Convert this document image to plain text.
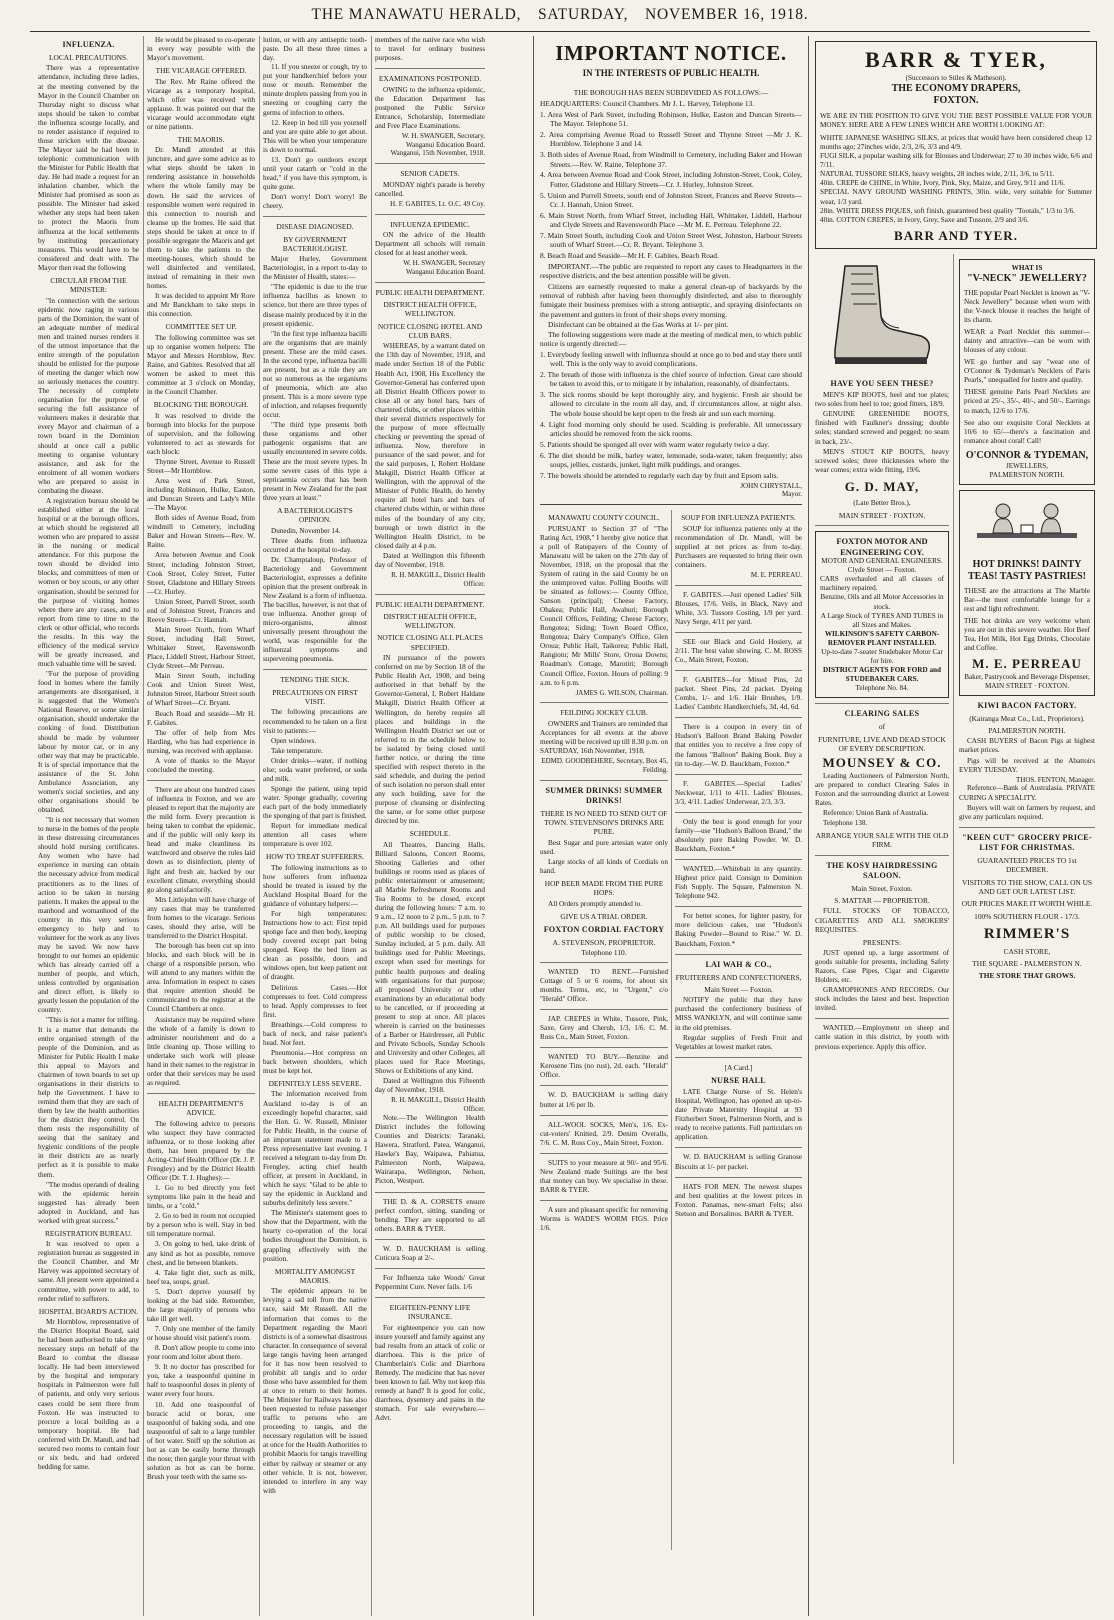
THE MANAWATU HERALD, SATURDAY, NOVEMBER 16, 1918.
INFLUENZA.
LOCAL PRECAUTIONS.

There was a representative attendance, including three ladies, at the meeting convened by the Mayor in the Council Chamber on Thursday night to discuss what steps should be taken to combat the influenza scourge locally, and to render assistance if required to those stricken with the disease. The Mayor said he had been in telephonic communication with the Minister for Public Health that day. He had made a request for an inhalation chamber, which the Minister had promised as soon as possible. The Minister had asked whether any steps had been taken to protect the Maoris from influenza at the local settlements by instituting precautionary measures. This would have to be considered and dealt with. The Mayor then read the following

CIRCULAR FROM THE MINISTER:

"In connection with the serious epidemic now raging in various parts of the Dominion, the want of an adequate number of medical men and trained nurses renders it of the utmost importance that the entire strength of the population should be enlisted for the purpose of meeting the danger which now so seriously menaces the country. The necessity of complete organisation for the purpose of securing the full assistance of volunteers makes it desirable that every Mayor and chairman of a town board in the Dominion should at once call a public meeting to organise voluntary assistance, and ask for the enrolment of all women workers who are prepared to assist in combating the disease.

A registration bureau should be established either at the local hospital or at the borough offices, at which should be registered all women who are prepared to assist in the nursing or medical attendance. For this purpose the town should be divided into blocks, and committees of men or women or boy scouts, or any other organisation, should be secured for the purpose of visiting homes where there are any cases, and to report from time to time to the clerk or other official, who records the results. In this way the efficiency of the medical service will be greatly increased, and much valuable time will be saved.

"For the purpose of providing food in homes where the family arrangements are disorganised, it is suggested that the Women's National Reserve, or some similar organisation, should undertake the cooking of food. Distribution should be made by volunteer labour by motor car, or in any other way that may be practicable. It is of special importance that the assistance of the St. John Ambulance Association, any women's social societies, and any other organisations should be obtained.

"It is not necessary that women to nurse in the homes of the people in these distressing circumstances should hold nursing certificates. Any women who have had experience in nursing can obtain the necessary advice from medical practitioners as to the lines of action to be taken in nursing patients. It makes the appeal to the manhood and womanhood of the country in this very serious emergency to help and to volunteer for the work as any lives may be saved. We now have brought to our homes an epidemic which has already carried off a number of people, and which, unless controlled by organisation and direct effort, is likely to greatly lessen the population of the country.

"This is not a matter for trifling. It is a matter that demands the entire organised strength of the people of the Dominion, and as Minister for Public Health I make this appeal to Mayors and chairmen of town boards to set up organisations in their districts to help the Government. I have to remind them that they are each of them by law the health authorities for the district they control. On them rests the responsibility of seeing that the sanitary and hygienic conditions of the people in their districts are as nearly perfect as it is possible to make them.

"The modus operandi of dealing with the epidemic herein suggested has already been adopted in Auckland, and has worked with great success."

REGISTRATION BUREAU.

It was resolved to open a registration bureau as suggested in the Council Chamber, and Mr Harvey was appointed secretary of same. All present were appointed a committee, with power to add, to render relief to sufferers.

HOSPITAL BOARD'S ACTION.

Mr Hornblow, representative of the District Hospital Board, said he had been authorised to take any necessary steps on behalf of the Board to combat the disease locally. He had been interviewed by the hospital and temporary hospitals in Palmerston were full of patients, and only very serious cases could be sent there from Foxton. He was instructed to procure a local building as a temporary hospital. He had conferred with Dr. Mandl, and had secured two rooms to contain four or six beds, and had ordered bedding for same.

He would be pleased to co-operate in every way possible with the Mayor's movement.

THE VICARAGE OFFERED.

The Rev. Mr Raine offered the vicarage as a temporary hospital, which offer was received with applause. It was pointed out that the vicarage would accommodate eight or nine patients.

THE MAORIS.

Dr. Mandl attended at this juncture, and gave some advice as to what steps should be taken in rendering assistance in households where the whole family may be down. He said the services of responsible women were required in this connection to nourish and cleanse up the homes. He said that steps should be taken at once to if possible segregate the Maoris and get them to take the patients to the meeting-houses, which should be well disinfected and ventilated, instead of remaining in their own homes.

It was decided to appoint Mr Rore and Mr Banckham to take steps in this connection.

COMMITTEE SET UP.

The following committee was set up to organise women helpers: The Mayor and Messrs Hornblow, Rev. Raine, and Gabites. Resolved that all women be asked to meet this committee at 3 o'clock on Monday, in the Council Chamber.

BLOCKING THE BOROUGH.

It was resolved to divide the borough into blocks for the purpose of supervision, and the following volunteered to act as stewards for each block:

Thynne Street, Avenue to Russell Street—Mr Hornblow.

Area west of Park Street, including Robinson, Hulke, Easton, and Duncan Streets and Lady's Mile—The Mayor.

Both sides of Avenue Road, from windmill to Cemetery, including Baker and Howan Streets—Rev. W. Raine.

Area between Avenue and Cook Street, including Johnston Street, Cook Street, Coley Street, Futter Street, Gladstone and Hillary Streets—Cr. Hurley.

Union Street, Purrell Street, south end of Johnston Street, Frances and Reeve Streets—Cr. Hannah.

Main Street North, from Wharf Street, including Hall Street, Whittaker Street, Ravenswordh Place, Liddell Street, Harbour Street, Clyde Street—Mr Perreau.

Main Street South, including Cook and Union Street West, Johnston Street, Harbour Street south of Wharf Street—Cr. Bryant.

Beach Road and seaside—Mr H. F. Gabites.

The offer of help from Mrs Harding, who has had experience in nursing, was received with applause.

A vote of thanks to the Mayor concluded the meeting.

There are about one hundred cases of influenza in Foxton, and we are pleased to report that the majority are the mild form. Every precaution is being taken to combat the epidemic, and if the public will only keep its head and make cleanliness its watchword and observe the rules laid down as to disinfection, plenty of light and fresh air, backed by our excellent climate, everything should go along satisfactorily.

Mrs Littlejohn will have charge of any cases that may be transferred from homes to the vicarage. Serious cases, should they arise, will be transferred to the District Hospital.

The borough has been cut up into blocks, and each block will be in charge of a responsible person, who will attend to any matters within the area. Information in respect to cases that require attention should be communicated to the registrar at the Council Chambers at once.

Assistance may be required where the whole of a family is down to administer nourishment and do a little cleaning up. Those willing to undertake such work will please hand in their names to the registrar in order that their services may be used as required.

HEALTH DEPARTMENT'S ADVICE.

The following advice to persons who suspect they have contracted influenza, or to those looking after them, has been prepared by the Acting-Chief Health Officer (Dr. J. P. Frengley) and by the District Health Officer (Dr. T. J. Hughes):—

1. Go to bed directly you feel symptoms like pain in the head and limbs, or a "cold."

2. Go to bed in room not occupied by a person who is well. Stay in bed till temperature normal.

3. On going to bed, take drink of any kind as hot as possible, remove chest, and lie between blankets.

4. Take light diet, such as milk, beef tea, soups, gruel.

5. Don't deprive yourself by looking at the bad side. Remember, the large majority of persons who take ill get well.

7. Only one member of the family or house should visit patient's room.

8. Don't allow people to come into your room and loiter about there.

9. It no doctor has prescribed for you, take a teaspoonful quinine in half to teaspoonful doses in plenty of water every four hours.

10. Add one teaspoonful of boracic acid or borax, one teaspoonful of baking soda, and one teaspoonful of salt to a large tumbler of hot water. Sniff up the solution as hot as can be easily borne through the nose; then gargle your throat with solution as hot as can be borne. Brush your teeth with the same so-

lution, or with any antiseptic tooth-paste. Do all these three times a day.

11. If you sneeze or cough, try to put your handkerchief before your nose or mouth. Remember the minute droplets passing from you in sneezing or coughing carry the germs of infection to others.

12. Keep in bed till you yourself and you are quite able to get about. This will be when your temperature is down to normal.

13. Don't go outdoors except until your catarrh or "cold in the head," if you have this symptom, is quite gone.

Don't worry! Don't worry! Be cheery.

DISEASE DIAGNOSED.
BY GOVERNMENT BACTERIOLOGIST.

Major Hurley, Government Bacteriologist, in a report to-day to the Minister of Health, states:—

"The epidemic is due to the true influenza bacillus as known to science, but there are three types of disease mainly produced by it in the present epidemic.

"In the first type influenza bacilli are the organisms that are mainly present. These are the mild cases. In the second type, influenza bacilli are present, but as a rule they are not so numerous as the organisms of pneumonia, which are also present. This is a more severe type of infection, and relapses frequently occur.

"The third type presents both these organisms and other pathogenic organisms that are usually encountered in severe colds. These are the most severe types. In some severe cases of this type a septicaemia occurs that has been present in New Zealand for the past three years at least."

A BACTERIOLOGIST'S OPINION.

Dunedin, November 14.

Three deaths from influenza occurred at the hospital to-day.

Dr. Champtaloup, Professor of Bacteriology and Government Bacteriologist, expresses a definite opinion that the present outbreak in New Zealand is a form of influenza. The bacillus, however, is not that of true influenza. Another group of micro-organisms, almost universally present throughout the world, was responsible for the influenzal symptoms and supervening pneumonia.

TENDING THE SICK.
PRECAUTIONS ON FIRST VISIT.

The following precautions are recommended to be taken on a first visit to patients:—

Open windows.

Take temperature.

Order drinks—water, if nothing else; soda water preferred, or soda and milk.

Sponge the patient, using tepid water. Sponge gradually, covering each part of the body immediately the sponging of that part is finished.

Report for immediate medical attention all cases where temperature is over 102.

HOW TO TREAT SUFFERERS.

The following instructions as to how sufferers from influenza should be treated is issued by the Auckland Hospital Board for the guidance of voluntary helpers:—

For high temperatures: Instructions how to act: First tepid sponge face and then body, keeping body covered except part being sponged. Keep the bed linen as clean as possible, doors and windows open, but keep patient out of draught.

Delirious Cases.—Hot compresses to feet. Cold compress to head. Apply compresses to feet first.

Breathings.—Cold compress to back of neck, and raise patient's head. Not feet.

Pneumonia.—Hot compress on back between shoulders, which must be kept hot.

DEFINITELY LESS SEVERE.

The information received from Auckland to-day is of an exceedingly hopeful character, said the Hon. G. W. Russell, Minister for Public Health, in the course of an important statement made to a Press representative last evening. I received a telegram to-day from Dr. Frengley, acting chief health officer, at present in Auckland, in which he says: "Glad to be able to say the epidemic in Auckland and suburbs definitely less severe."

The Minister's statement goes to show that the Department, with the hearty co-operation of the local bodies throughout the Dominion, is grappling effectively with the position.

MORTALITY AMONGST MAORIS.

The epidemic appears to be levying a sad toll from the native race, said Mr Russell. All the information that comes to the Department regarding the Maori districts is of a somewhat disastrous character. In consequence of several large tangis having been arranged for it has now been resolved to prohibit all tangis and to order those who have assembled for them at once to return to their homes. The Minister for Railways has also been requested to refuse passenger traffic to persons who are proceeding to tangis, and the necessary regulation will be issued at once for the Health Authorities to prohibit Maoris for tangis travelling either by railway or steamer or any other vehicle. It is not, however, intended to interfere in any way with

members of the native race who wish to travel for ordinary business purposes.

EXAMINATIONS POSTPONED.

OWING to the influenza epidemic, the Education Department has postponed the Public Service Entrance, Scholarship, Intermediate and Free Place Examinations.

W. H. SWANGER, Secretary, Wanganui Education Board. Wanganui, 15th November, 1918.

SENIOR CADETS.

MONDAY night's parade is hereby cancelled.

H. F. GABITES, Lt. O.C. 49 Coy.

INFLUENZA EPIDEMIC.

ON the advice of the Health Department all schools will remain closed for at least another week.

W. H. SWANGER, Secretary Wanganui Education Board.

PUBLIC HEALTH DEPARTMENT.
DISTRICT HEALTH OFFICE, WELLINGTON.
NOTICE CLOSING HOTEL AND CLUB BARS.

WHEREAS, by a warrant dated on the 13th day of November, 1918, and made under Section 18 of the Public Health Act, 1908, His Excellency the Governor-General has conferred upon all District Health Officers power to close all or any hotel bars, bars of chartered clubs, or other places within their several districts respectively for the purpose of more effectually checking or preventing the spread of influenza. Now, therefore in pursuance of the said power, and for the said purposes, I, Robert Holdane Makgill, District Health Officer at Wellington, with the approval of the Minister of Public Health, do hereby require all hotel bars and bars of chartered clubs within, or within three miles of the boundary of any city, borough or town district in the Wellington Health District, to be closed daily at 4 p.m.

Dated at Wellington this fifteenth day of November, 1918.

R. H. MAKGILL, District Health Officer.

PUBLIC HEALTH DEPARTMENT.
DISTRICT HEALTH OFFICE, WELLINGTON.
NOTICE CLOSING ALL PLACES SPECIFIED.

IN pursuance of the powers conferred on me by Section 18 of the Public Health Act, 1908, and being authorised in that behalf by the Governor-General, I, Robert Haldane Makgill, District Health Officer at Wellington, do hereby require all places and buildings in the Wellington Health District set out or referred to in the schedule below to be isolated by being closed until further notice, or during the time specified with respect thereto in the said schedule, and during the period of such isolation no person shall enter any such building, save for the purpose of cleansing or disinfecting the same, or for some other purpose directed by me.

SCHEDULE.

All Theatres, Dancing Halls, Billiard Saloons, Concert Rooms, Shooting Galleries and other buildings or rooms used as places of public entertainment or amusement; all Marble Refreshment Rooms and Tea Rooms to be closed, except during the following hours: 7 a.m. to 9 a.m., 12 noon to 2 p.m., 5 p.m. to 7 p.m. All buildings used for purposes of public worship to be closed, Sunday included, at 5 p.m. daily. All buildings used for Public Meetings, except when used for meetings for public health purposes and dealing with organisations for that purpose; all proposed University or other examinations by an educational body to be cancelled, or if proceeding at present to stop at once. All places wherein is carried on the businesses of a Barber or Hairdresser, all Public and Private Schools, Sunday Schools and University and other Colleges, all places used for Race Meetings, Shows or Exhibitions of any kind.

Dated at Wellington this Fifteenth day of November, 1918.

R. H. MAKGILL, District Health Officer.

Note.—The Wellington Health District includes the following Counties and Districts: Taranaki, Hawera, Stratford, Patea, Wanganui, Hawke's Bay, Waipawa, Pahiatua, Palmerston North, Waipawa, Wairarapa, Wellington, Nelson, Picton, Westport.

THE D. & A. CORSETS ensure perfect comfort, sitting, standing or bending. They are supported to all others. BARR & TYER.

W. D. BAUCKHAM is selling Cuticura Soap at 2/-.

For Influenza take Woods' Great Peppermint Cure. Never fails. 1/6

EIGHTEEN-PENNY LIFE INSURANCE.

For eighteenpence you can now insure yourself and family against any bad results from an attack of colic or diarrhoea. This is the price of Chamberlain's Colic and Diarrhoea Remedy. The medicine that has never been known to fail. Why not keep this remedy at hand? It is good for colic, diarrhoea, dysentery and pains in the stomach. For sale everywhere.—Advt.

IMPORTANT NOTICE.
IN THE INTERESTS OF PUBLIC HEALTH.
THE BOROUGH HAS BEEN SUBDIVIDED AS FOLLOWS:—

HEADQUARTERS: Council Chambers. Mr J. L. Harvey, Telephone 13.

1. Area West of Park Street, including Robinson, Hulke, Easton and Duncan Streets—The Mayor. Telephone 51.

2. Area comprising Avenue Road to Russell Street and Thynne Street —Mr J. K. Hornblow. Telephone 3 and 14.

3. Both sides of Avenue Road, from Windmill to Cemetery, including Baker and Howan Streets.—Rev. W. Raine, Telephone 37.

4. Area between Avenue Road and Cook Street, including Johnston-Street, Cook, Coley, Futter, Gladstone and Hillary Streets—Cr. J. Hurley, Johnston Street.

5. Union and Purrell Streets, south end of Johnston Street, Frances and Reeve Streets—Cr. J. Hannah, Union Street.

6. Main Street North, from Wharf Street, including Hall, Whittaker, Liddell, Harbour and Clyde Streets and Ravenswordh Place —Mr M. E. Perreau. Telephone 22.

7. Main Street South, including Cook and Union Street West, Johnston, Harbour Streets south of Wharf Street.—Cr. R. Bryant. Telephone 3.

8. Beach Road and Seaside—Mr H. F. Gabites, Beach Road.

IMPORTANT.—The public are requested to report any cases to Headquarters in the respective districts, and the best attention possible will be given.

Citizens are earnestly requested to make a general clean-up of backyards by the removal of rubbish after having been thoroughly disinfected, and also to thoroughly fumigate their business premises with a strong antiseptic, and spraying disinfectants on the pavement and gutters in front of their shops every morning.

Disinfectant can be obtained at the Gas Works at 1/- per pint.

The following suggestions were made at the meeting of medical men, to which public notice is urgently directed:—

1. Everybody feeling unwell with influenza should at once go to bed and stay there until well. This is the only way to avoid complications.

2. The breath of those with influenza is the chief source of infection. Great care should be taken to avoid this, or to mitigate it by inhalation, reasonably, of disinfectants.

3. The sick rooms should be kept thoroughly airy, and hygienic. Fresh air should be allowed to circulate in the room all day, and, if circumstances allow, at night also. The whole house should be kept open to the fresh air and sun each morning.

4. Light food morning only should be used. Scalding is preferable. All unnecessary articles should be removed from the sick rooms.

5. Patients should be sponged all over with warm water regularly twice a day.

6. The diet should be milk, barley water, lemonade, soda-water, taken frequently; also soups, jellies, custards, junket, light milk puddings, and oranges.

7. The bowels should be attended to regularly each day by fruit and Epsom salts.

JOHN CHRYSTALL,

Mayor.

MANAWATU COUNTY COUNCIL.

PURSUANT to Section 37 of "The Rating Act, 1908," I hereby give notice that a poll of Ratepayers of the County of Manawatu will be taken on the 27th day of November, 1918, on the proposal that the System of rating in the said County be on the unimproved value. Polling Booths will be situated as follows:— County Office, Sanson (principal); Cheese Factory, Ohakea; Public Hall, Awahuri; Borough Council Offices, Feilding; Cheese Factory, Rongotea; Siding; Town Board Office, Rongotea; Dairy Company's Office, Glen Oroua; Public Hall, Taikorea; Public Hall, Rangiotu; Mr Mills' Store, Oroua Downs; Roadman's Cottage, Marotiri; Borough Council Office, Foxton. Hours of polling: 9 a.m. to 6 p.m.

JAMES G. WILSON, Chairman.

FEILDING JOCKEY CLUB.

OWNERS and Trainers are reminded that Acceptances for all events at the above meeting will be received up till 8.30 p.m. on SATURDAY, 16th November, 1918.

EDMD. GOODBEHERE, Secretary, Box 45, Feilding.

SUMMER DRINKS! SUMMER DRINKS!
THERE IS NO NEED TO SEND OUT OF TOWN. STEVENSON'S DRINKS ARE PURE.

Best Sugar and pure artesian water only used.

Large stocks of all kinds of Cordials on hand.

HOP BEER MADE FROM THE PURE HOPS.

All Orders promptly attended to.

GIVE US A TRIAL ORDER.
FOXTON CORDIAL FACTORY
A. STEVENSON, PROPRIETOR. Telephone 110.

WANTED TO RENT.—Furnished Cottage of 5 or 6 rooms, for about six months. Terms, etc, to "Urgent," c/o "Herald" Office.

JAP. CREPES in White, Tussore, Pink, Saxe, Grey and Cherub, 1/3, 1/6. C. M. Ross Co., Main Street, Foxton.

WANTED TO BUY.—Benzine and Kerosene Tins (no rust), 2d. each. "Herald" Office.

W. D. BAUCKHAM is selling dairy butter at 1/6 per lb.

ALL-WOOL SOCKS, Men's, 1/6. Ex-cut-voters' Knitted, 2/9. Denim Overalls, 7/6. C. M. Ross Coy., Main Street, Foxton.

SUITS to your measure at 90/- and 95/6. New Zealand made Suitings are the best that money can buy. We specialise in these. BARR & TYER.

A sure and pleasant specific for removing Worms is WADE'S WORM FIGS. Price 1/6.

SOUP FOR INFLUENZA PATIENTS.

SOUP for influenza patients only at the recommendation of Dr. Mandl, will be supplied at net prices as from to-day. Purchasers are requested to bring their own containers.

M. E. PERREAU.

F. GABITES.—Just opened Ladies' Silk Blouses, 17/6. Veils, in Black, Navy and White, 3/3. Tussore Costing, 1/9 per yard. Navy Serge, 4/11 per yard.

SEE our Black and Gold Hosiery, at 2/11. The best value showing. C. M. ROSS Co., Main Street, Foxton.

F. GABITES—for Mixed Pins, 2d packet. Sheet Pins, 2d packet. Dyeing Combs, 1/- and 1/6. Hair Brushes, 1/9. Ladies' Cambric Handkerchiefs, 3d, 4d, 6d.

There is a coupon in every tin of Hudson's Balloon Brand Baking Powder that entitles you to receive a free copy of the famous "Balloon" Baking Book. Buy a tin to-day.—W. D. Bauckham, Foxton.*

F. GABITES.—Special Ladies' Neckwear, 1/11 to 4/11. Ladies' Blouses, 3/3, 4/11. Ladies' Underwear, 2/3, 3/3.

Only the best is good enough for your family—use "Hudson's Balloon Brand," the absolutely pure Baking Powder. W. D. Bauckham, Foxton.*

WANTED.—Whitebait in any quantity. Highest price paid. Consign to Dominion Fish Supply. The Square, Palmerston N. Telephone 942.

For better scones, for lighter pastry, for more delicious cakes, use "Hudson's Baking Powder—Bound to Rise." W. D. Bauckham, Foxton.*

LAI WAH & CO.,
FRUITERERS AND CONFECTIONERS,
Main Street — Foxton.

NOTIFY the public that they have purchased the confectionery business of MISS WANKLYN, and will continue same in the old premises.

Regular supplies of Fresh Fruit and Vegetables at lowest market rates.

[A Card.]
NURSE HALL

LATE Charge Nurse of St. Helen's Hospital, Wellington, has opened an up-to-date Private Maternity Hospital at 93 Fitzherbert Street, Palmerston North, and is ready to receive patients. Full particulars on application.

W. D. BAUCKHAM is selling Granose Biscuits at 1/- per packet.

HATS FOR MEN. The newest shapes and best qualities at the lowest prices in Foxton. Panamas, new-smart Felts; also Stetson and Borsalinos. BARR & TYER.

BARR & TYER,
(Successors to Stiles & Matheson).
THE ECONOMY DRAPERS,
FOXTON.

WE ARE IN THE POSITION TO GIVE YOU THE BEST POSSIBLE VALUE FOR YOUR MONEY. HERE ARE A FEW LINES WHICH ARE WORTH LOOKING AT:

WHITE JAPANESE WASHING SILKS, at prices that would have been considered cheap 12 months ago; 27inches wide, 2/3, 2/6, 3/3 and 4/9.

FUGI SILK, a popular washing silk for Blouses and Underwear; 27 to 30 inches wide, 6/6 and 7/11.

NATURAL TUSSORE SILKS, heavy weights, 28 inches wide, 2/11, 3/6, to 5/11.

40in. CREPE de CHINE, in White, Ivory, Pink, Sky, Maize, and Grey, 9/11 and 11/6.

SPECIAL NAVY GROUND WASHING PRINTS, 30in. wide, very suitable for Summer wear, 1/3 yard.

28in. WHITE DRESS PIQUES, soft finish, guaranteed best quality "Tootals," 1/3 to 3/6.

40in. COTTON CREPES, in Ivory, Grey, Saxe and Tussore, 2/9 and 3/6.

BARR AND TYER.
HAVE YOU SEEN THESE?

MEN'S KIP BOOTS, heel and toe plates; two soles from heel to toe; good fitters, 18/9.

GENUINE GREENHIDE BOOTS, finished with Faulkner's dressing; double soles; standard screwed and pegged; no seam in back, 23/-.

MEN'S STOUT KIP BOOTS, heavy screwed soles; three thicknesses where the wear comes; extra wide fitting, 19/6.

G. D. MAY,
(Late Better Bros.),
MAIN STREET · FOXTON.
FOXTON MOTOR AND ENGINEERING COY.
MOTOR AND GENERAL ENGINEERS.
Clyde Street — Foxton.

CARS overhauled and all classes of machinery repaired.

Benzine, Oils and all Motor Accessories in stock.

A Large Stock of TYRES AND TUBES in all Sizes and Makes.

WILKINSON'S SAFETY CARBON-REMOVER PLANT INSTALLED.

Up-to-date 7-seater Studebaker Motor Car for hire.

DISTRICT AGENTS FOR FORD and STUDEBAKER CARS.

Telephone No. 84.

CLEARING SALES
of
FURNITURE, LIVE AND DEAD STOCK OF EVERY DESCRIPTION.
MOUNSEY & CO.

Leading Auctioneers of Palmerston North, are prepared to conduct Clearing Sales in Foxton and the surrounding district at Lowest Rates.

Reference: Union Bank of Australia.

Telephone 138.

ARRANGE YOUR SALE WITH THE OLD FIRM.
THE KOSY HAIRDRESSING SALOON.
Main Street, Foxton.
S. MATTAR — PROPRIETOR.

FULL STOCKS OF TOBACCO, CIGARETTES AND ALL SMOKERS' REQUISITES.

PRESENTS:

JUST opened up, a large assortment of goods suitable for presents, including Safety Razors, Case Pipes, Cigar and Cigarette Holders, etc.

GRAMOPHONES AND RECORDS. Our stock includes the latest and best. Inspection invited.

WANTED.—Employment on sheep and cattle station in this district, by youth with previous experience. Apply this office.

WHAT IS
"V-NECK" JEWELLERY?

THE popular Pearl Necklet is known as "V-Neck Jewellery" because when worn with the V-neck blouse it reaches the height of its charm.

WEAR a Pearl Necklet this summer—dainty and attractive—can be worn with blouses of any colour.

WE go further and say "wear one of O'Connor & Tydeman's Necklets of Paris Pearls," unequalled for lustre and quality.

THESE genuine Paris Pearl Necklets are priced at 25/-, 35/-, 40/-, and 50/-. Earrings to match, 12/6 to 17/6.

See also our exquisite Coral Necklets at 10/6 to 65/—there's a fascination and romance about coral! Call!

O'CONNOR & TYDEMAN,
JEWELLERS,
PALMERSTON NORTH.
HOT DRINKS! DAINTY TEAS! TASTY PASTRIES!

THESE are the attractions at The Marble Bar—the most comfortable lounge for a rest and light refreshment.

THE hot drinks are very welcome when you are out in this severe weather. Hot Beef Tea, Hot Milk, Hot Egg Drinks, Chocolate and Coffee.

M. E. PERREAU
Baker, Pastrycook and Beverage Dispenser,
MAIN STREET · FOXTON.
KIWI BACON FACTORY.
(Kairanga Meat Co., Ltd., Proprietors).
PALMERSTON NORTH.

CASH BUYERS of Bacon Pigs at highest market prices.

Pigs will be received at the Abattoirs EVERY TUESDAY.

THOS. FENTON, Manager.

Reference—Bank of Australasia. PRIVATE CURING A SPECIALITY.

Buyers will wait on farmers by request, and give any particulars required.

"KEEN CUT" GROCERY PRICE-LIST FOR CHRISTMAS.
GUARANTEED PRICES TO 1st DECEMBER.
VISITORS TO THE SHOW, CALL ON US AND GET OUR LATEST LIST.
OUR PRICES MAKE IT WORTH WHILE.
100% SOUTHERN FLOUR - 17/3.
RIMMER'S
CASH STORE,
THE SQUARE - PALMERSTON N.
THE STORE THAT GROWS.
